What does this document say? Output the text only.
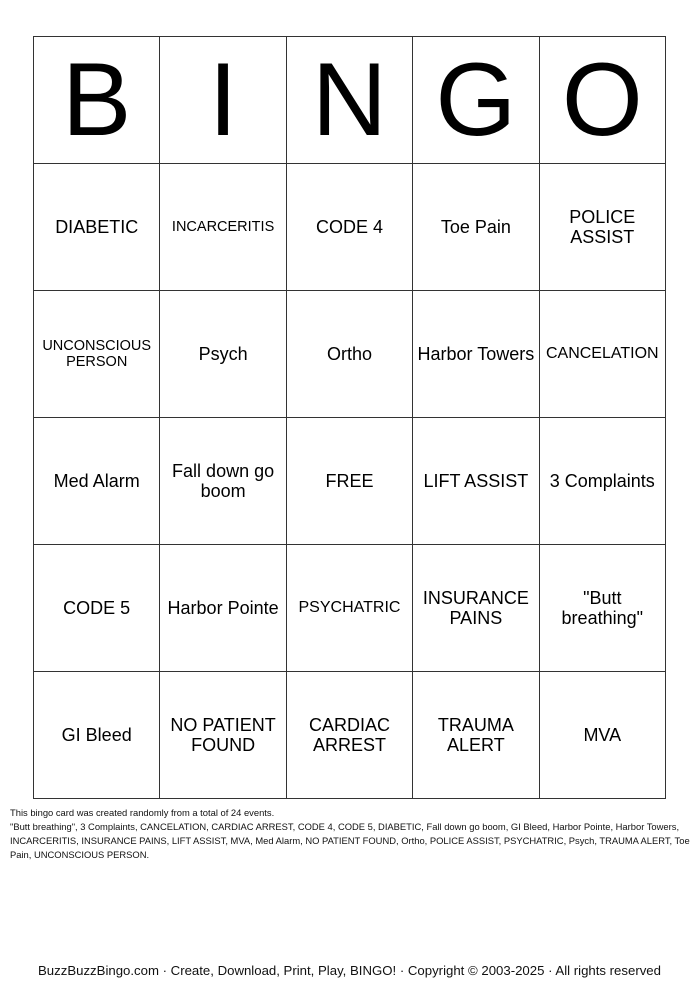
B	I	N	G	O
DIABETIC	INCARCERITIS	CODE 4	Toe Pain	POLICE ASSIST
UNCONSCIOUS PERSON	Psych	Ortho	Harbor Towers	CANCELATION
Med Alarm	Fall down go boom	FREE	LIFT ASSIST	3 Complaints
CODE 5	Harbor Pointe	PSYCHATRIC	INSURANCE PAINS	"Butt breathing"
GI Bleed	NO PATIENT FOUND	CARDIAC ARREST	TRAUMA ALERT	MVA

This bingo card was created randomly from a total of 24 events.

"Butt breathing", 3 Complaints, CANCELATION, CARDIAC ARREST, CODE 4, CODE 5, DIABETIC, Fall down go boom, GI Bleed, Harbor Pointe, Harbor Towers, INCARCERITIS, INSURANCE PAINS, LIFT ASSIST, MVA, Med Alarm, NO PATIENT FOUND, Ortho, POLICE ASSIST, PSYCHATRIC, Psych, TRAUMA ALERT, Toe Pain, UNCONSCIOUS PERSON.

BuzzBuzzBingo.com · Create, Download, Print, Play, BINGO! · Copyright © 2003-2025 · All rights reserved
